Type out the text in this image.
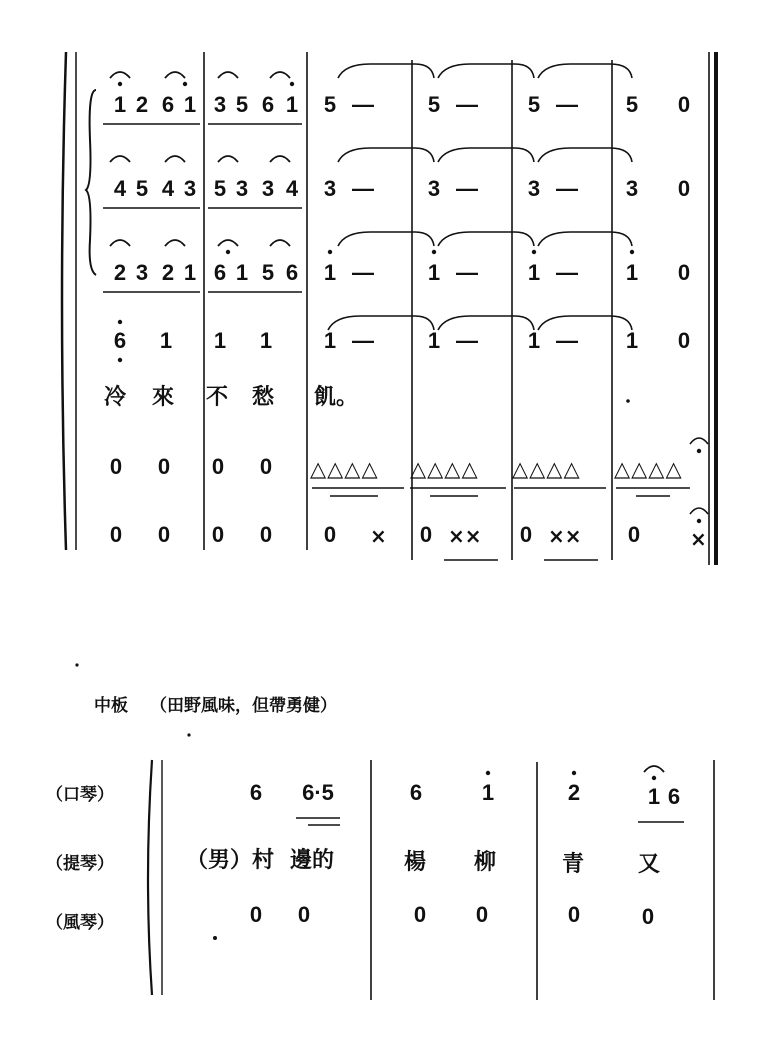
1 2 6 1 3 5 6 1 5 — 5 — 5 — 5 0
4 5 4 3 5 3 3 4 3 — 3 — 3 — 3 0
2 3 2 1 6 1 5 6 1 — 1 — 1 — 1 0
6 1 1 1 1 — 1 — 1 — 1 0
冷 來 不 愁 飢。
0 0 0 0 △△△△ △△△△ △△△△ △△△△
0 0 0 0 0 × 0 ×× 0 ×× 0 ×
中板 （田野風味，但帶勇健）
（口琴）
（提琴）
（風琴）
6 6·5	6	1	2	1 6
（男）村 邊的	楊 柳	青 又
0 0	0 0	0	0
